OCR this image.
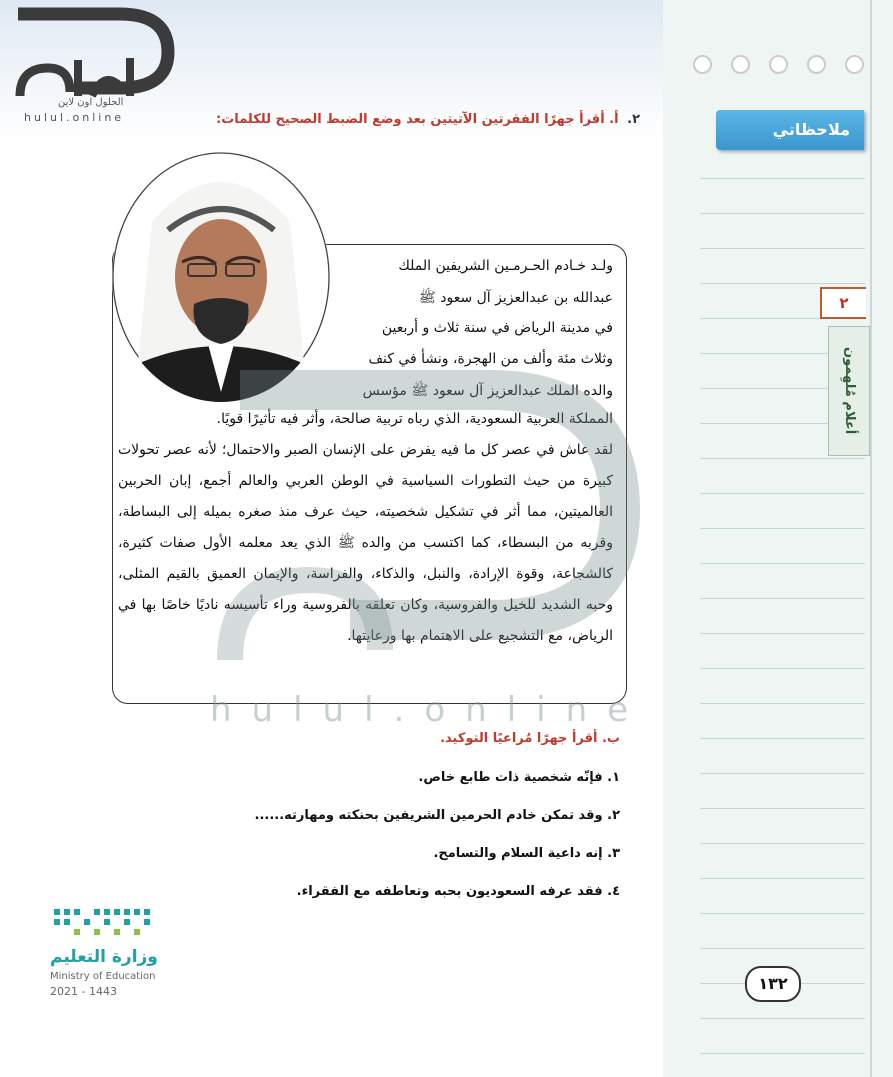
ملاحظاتي
٢
أعلام مُلهِمون
الحلول اون لاين
hulul.online	٢. أ. أقرأ جهرًا الفقرتين الآتيتين بعد وضع الضبط الصحيح للكلمات:
ولـد خـادم الحـرمـين الشريفين الملك
عبدالله بن عبدالعزيز آل سعود ﷺ
في مدينة الرياض في سنة ثلاث و أربعين
وثلاث مئة وألف من الهجرة، ونشأ في كنف
والده الملك عبدالعزيز آل سعود ﷺ مؤسس
المملكة العربية السعودية، الذي رباه تربية صالحة، وأثر فيه تأثيرًا قويًا.
لقد عاش في عصر كل ما فيه يفرض على الإنسان الصبر والاحتمال؛ لأنه عصر تحولات كبيرة من حيث التطورات السياسية في الوطن العربي والعالم أجمع، إبان الحربين العالميتين، مما أثر في تشكيل شخصيته، حيث عرف منذ صغره بميله إلى البساطة، وقربه من البسطاء، كما اكتسب من والده ﷺ الذي يعد معلمه الأول صفات كثيرة، كالشجاعة، وقوة الإرادة، والنبل، والذكاء، والفراسة، والإيمان العميق بالقيم المثلى، وحبه الشديد للخيل والفروسية، وكان تعلقه بالفروسية وراء تأسيسه ناديًا خاصًا بها في الرياض، مع التشجيع على الاهتمام بها ورعايتها.
hulul.online
ب. أقرأ جهرًا مُراعيًا التوكيد.
١. فإنّه شخصية ذات طابع خاص.
٢. وقد تمكن خادم الحرمين الشريفين بحنكته ومهارته......
٣. إنه داعية السلام والتسامح.
٤. فقد عرفه السعوديون بحبه وتعاطفه مع الفقراء.
وزارة التعليم
Ministry of Education
2021 - 1443	١٣٢
